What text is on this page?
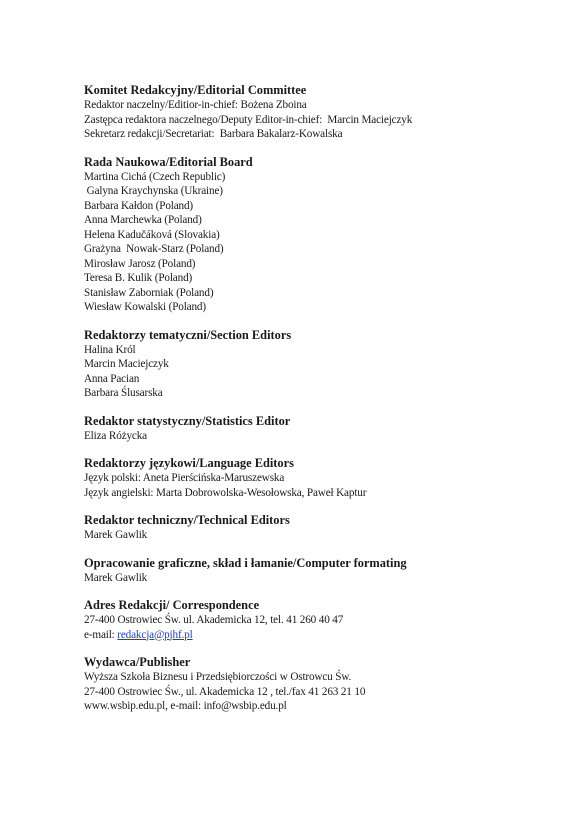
Komitet Redakcyjny/Editorial Committee

Redaktor naczelny/Editior-in-chief: Bożena Zboina

Zastępca redaktora naczelnego/Deputy Editor-in-chief:  Marcin Maciejczyk

Sekretarz redakcji/Secretariat:  Barbara Bakalarz-Kowalska

Rada Naukowa/Editorial Board

Martina Cichá (Czech Republic)

Galyna Kraychynska (Ukraine)

Barbara Kałdon (Poland)

Anna Marchewka (Poland)

Helena Kadučáková (Slovakia)

Grażyna  Nowak-Starz (Poland)

Mirosław Jarosz (Poland)

Teresa B. Kulik (Poland)

Stanisław Zaborniak (Poland)

Wiesław Kowalski (Poland)

Redaktorzy tematyczni/Section Editors

Halina Król

Marcin Maciejczyk

Anna Pacian

Barbara Ślusarska

Redaktor statystyczny/Statistics Editor

Eliza Różycka

Redaktorzy językowi/Language Editors

Język polski: Aneta Pierścińska-Maruszewska

Język angielski: Marta Dobrowolska-Wesołowska, Paweł Kaptur

Redaktor techniczny/Technical Editors

Marek Gawlik

Opracowanie graficzne, skład i łamanie/Computer formating

Marek Gawlik

Adres Redakcji/ Correspondence

27-400 Ostrowiec Św. ul. Akademicka 12, tel. 41 260 40 47

e-mail: redakcja@pjhf.pl

Wydawca/Publisher

Wyższa Szkoła Biznesu i Przedsiębiorczości w Ostrowcu Św.

27-400 Ostrowiec Św., ul. Akademicka 12 , tel./fax 41 263 21 10

www.wsbip.edu.pl, e-mail: info@wsbip.edu.pl
